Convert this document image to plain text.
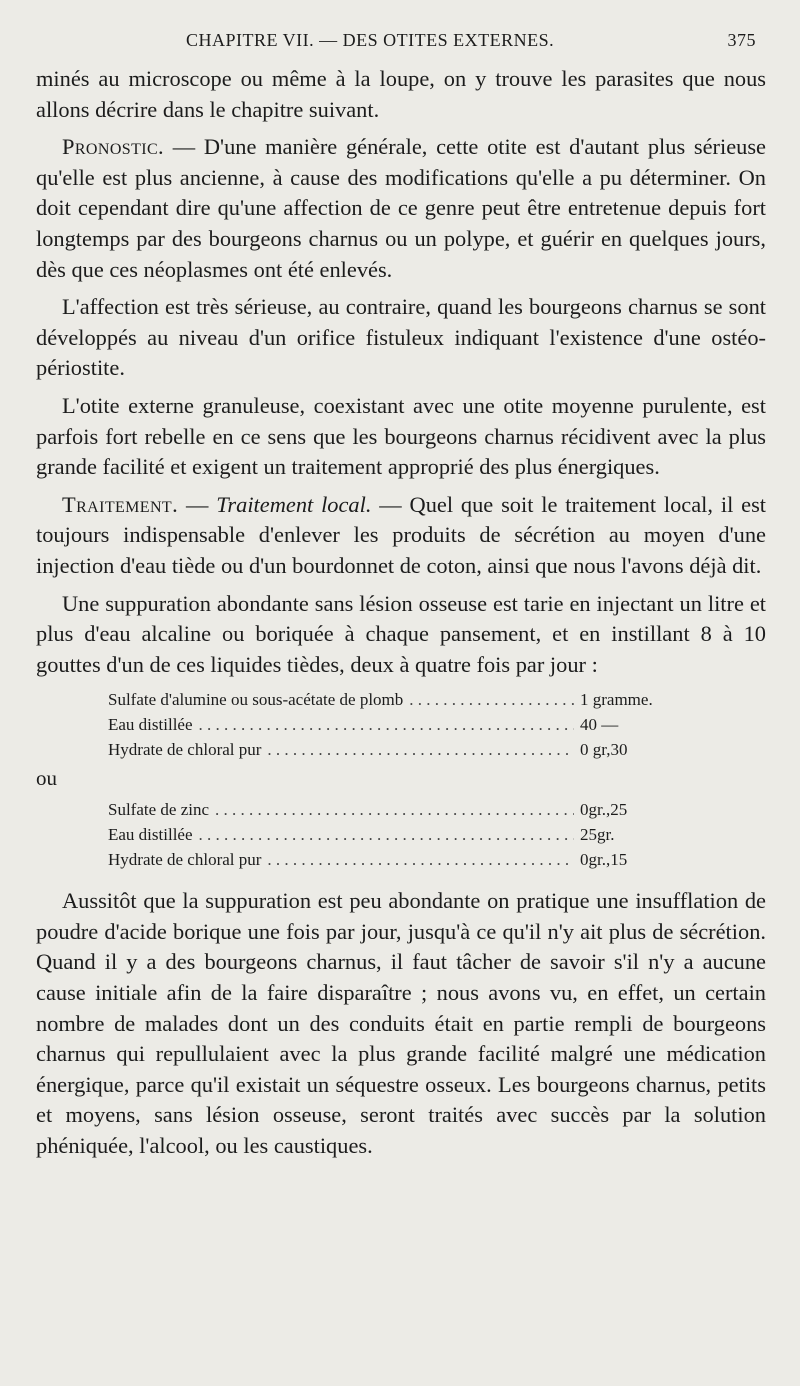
CHAPITRE VII. — DES OTITES EXTERNES.	375

minés au microscope ou même à la loupe, on y trouve les parasites que nous allons décrire dans le chapitre suivant.

Pronostic. — D'une manière générale, cette otite est d'autant plus sérieuse qu'elle est plus ancienne, à cause des modifications qu'elle a pu déterminer. On doit cependant dire qu'une affection de ce genre peut être entretenue depuis fort longtemps par des bourgeons charnus ou un polype, et guérir en quelques jours, dès que ces néoplasmes ont été enlevés.

L'affection est très sérieuse, au contraire, quand les bourgeons charnus se sont développés au niveau d'un orifice fistuleux indiquant l'existence d'une ostéo-périostite.

L'otite externe granuleuse, coexistant avec une otite moyenne purulente, est parfois fort rebelle en ce sens que les bourgeons charnus récidivent avec la plus grande facilité et exigent un traitement approprié des plus énergiques.

Traitement. — Traitement local. — Quel que soit le traitement local, il est toujours indispensable d'enlever les produits de sécrétion au moyen d'une injection d'eau tiède ou d'un bourdonnet de coton, ainsi que nous l'avons déjà dit.

Une suppuration abondante sans lésion osseuse est tarie en injectant un litre et plus d'eau alcaline ou boriquée à chaque pansement, et en instillant 8 à 10 gouttes d'un de ces liquides tièdes, deux à quatre fois par jour :

Sulfate d'alumine ou sous-acétate de plomb . . .	1 gramme.
Eau distillée . . .	40 —
Hydrate de chloral pur . . .	0 gr,30
ou
Sulfate de zinc . . .	0gr.,25
Eau distillée . . .	25gr.
Hydrate de chloral pur . . .	0gr.,15

Aussitôt que la suppuration est peu abondante on pratique une insufflation de poudre d'acide borique une fois par jour, jusqu'à ce qu'il n'y ait plus de sécrétion. Quand il y a des bourgeons charnus, il faut tâcher de savoir s'il n'y a aucune cause initiale afin de la faire disparaître ; nous avons vu, en effet, un certain nombre de malades dont un des conduits était en partie rempli de bourgeons charnus qui repullulaient avec la plus grande facilité malgré une médication énergique, parce qu'il existait un séquestre osseux. Les bourgeons charnus, petits et moyens, sans lésion osseuse, seront traités avec succès par la solution phéniquée, l'alcool, ou les caustiques.
